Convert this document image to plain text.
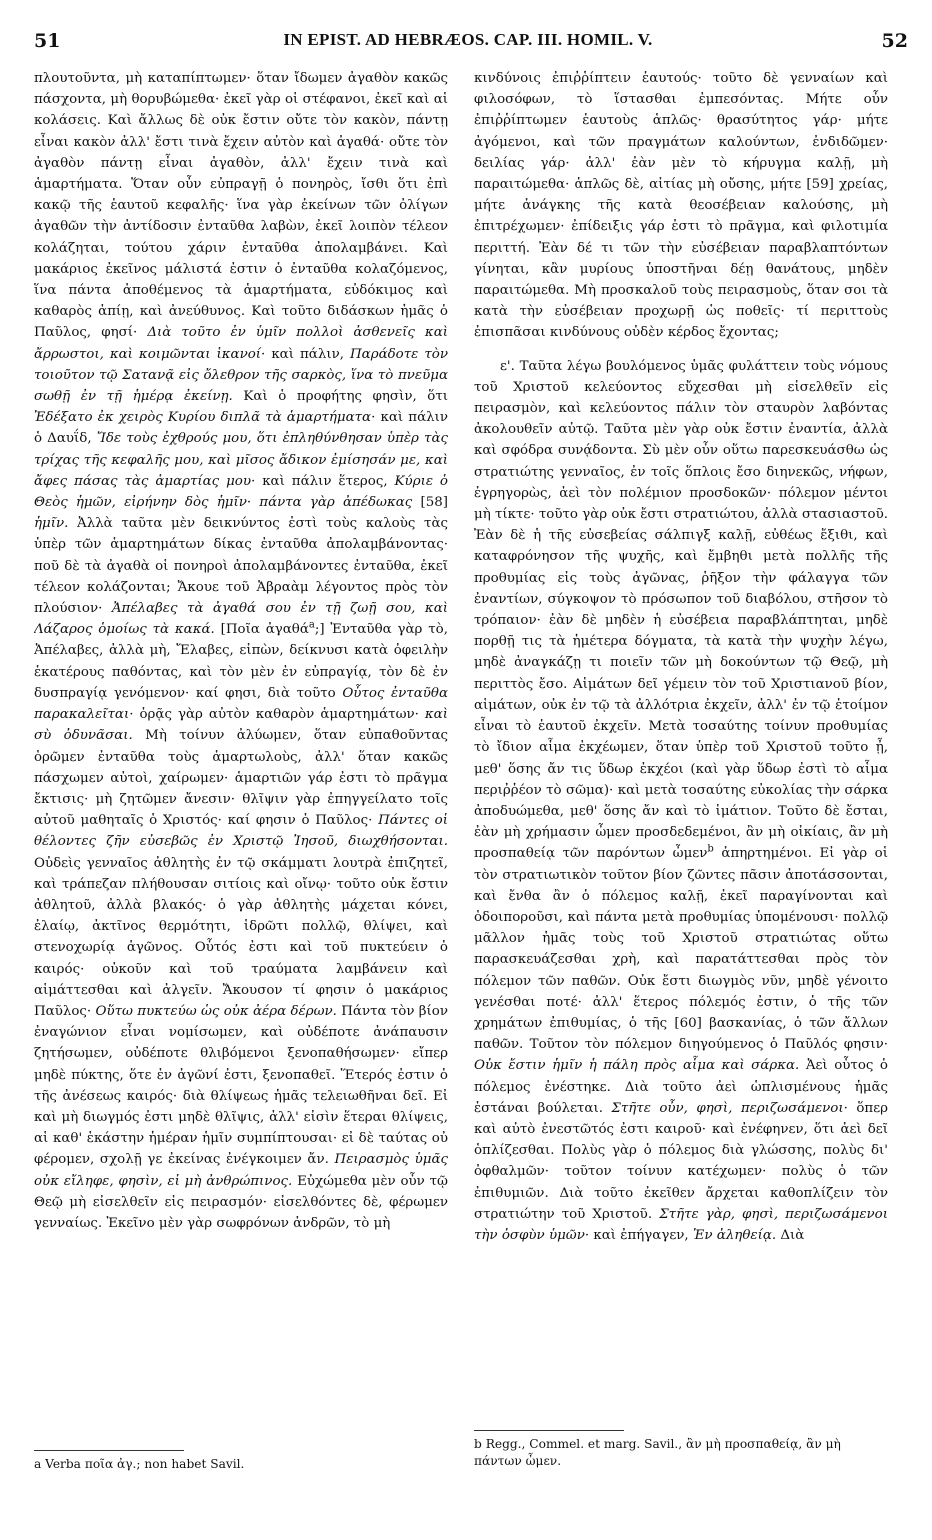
51	IN EPIST. AD HEBRÆOS. CAP. III. HOMIL. V.	52

πλουτοῦντα, μὴ καταπίπτωμεν· ὅταν ἴδωμεν ἀγαθὸν κακῶς πάσχοντα, μὴ θορυβώμεθα· ἐκεῖ γὰρ οἱ στέφανοι, ἐκεῖ καὶ αἱ κολάσεις. Καὶ ἄλλως δὲ οὐκ ἔστιν οὔτε τὸν κακὸν, πάντῃ εἶναι κακὸν ἀλλ' ἔστι τινὰ ἔχειν αὐτὸν καὶ ἀγαθά· οὔτε τὸν ἀγαθὸν πάντῃ εἶναι ἀγαθὸν, ἀλλ' ἔχειν τινὰ καὶ ἁμαρτήματα. Ὅταν οὖν εὐπραγῇ ὁ πονηρὸς, ἴσθι ὅτι ἐπὶ κακῷ τῆς ἑαυτοῦ κεφαλῆς· ἵνα γὰρ ἐκείνων τῶν ὀλίγων ἀγαθῶν τὴν ἀντίδοσιν ἐνταῦθα λαβὼν, ἐκεῖ λοιπὸν τέλεον κολάζηται, τούτου χάριν ἐνταῦθα ἀπολαμβάνει. Καὶ μακάριος ἐκεῖνος μάλιστά ἐστιν ὁ ἐνταῦθα κολαζόμενος, ἵνα πάντα ἀποθέμενος τὰ ἁμαρτήματα, εὐδόκιμος καὶ καθαρὸς ἀπίῃ, καὶ ἀνεύθυνος. Καὶ τοῦτο διδάσκων ἡμᾶς ὁ Παῦλος, φησί· Διὰ τοῦτο ἐν ὑμῖν πολλοὶ ἀσθενεῖς καὶ ἄρρωστοι, καὶ κοιμῶνται ἱκανοί· καὶ πάλιν, Παράδοτε τὸν τοιοῦτον τῷ Σατανᾷ εἰς ὄλεθρον τῆς σαρκὸς, ἵνα τὸ πνεῦμα σωθῇ ἐν τῇ ἡμέρᾳ ἐκείνῃ. Καὶ ὁ προφήτης φησὶν, ὅτι Ἐδέξατο ἐκ χειρὸς Κυρίου διπλᾶ τὰ ἁμαρτήματα· καὶ πάλιν ὁ Δαυΐδ, Ἴδε τοὺς ἐχθρούς μου, ὅτι ἐπληθύνθησαν ὑπὲρ τὰς τρίχας τῆς κεφαλῆς μου, καὶ μῖσος ἄδικον ἐμίσησάν με, καὶ ἄφες πάσας τὰς ἁμαρτίας μου· καὶ πάλιν ἕτερος, Κύριε ὁ Θεὸς ἡμῶν, εἰρήνην δὸς ἡμῖν· πάντα γὰρ ἀπέδωκας [58] ἡμῖν. Ἀλλὰ ταῦτα μὲν δεικνύντος ἐστὶ τοὺς καλοὺς τὰς ὑπὲρ τῶν ἁμαρτημάτων δίκας ἐνταῦθα ἀπολαμβάνοντας· ποῦ δὲ τὰ ἀγαθὰ οἱ πονηροὶ ἀπολαμβάνοντες ἐνταῦθα, ἐκεῖ τέλεον κολάζονται; Ἄκουε τοῦ Ἀβραὰμ λέγοντος πρὸς τὸν πλούσιον· Ἀπέλαβες τὰ ἀγαθά σου ἐν τῇ ζωῇ σου, καὶ Λάζαρος ὁμοίως τὰ κακά. [Ποῖα ἀγαθά$^a$;] Ἐνταῦθα γὰρ τὸ, Ἀπέλαβες, ἀλλὰ μὴ, Ἔλαβες, εἰπὼν, δείκνυσι κατὰ ὀφειλὴν ἑκατέρους παθόντας, καὶ τὸν μὲν ἐν εὐπραγίᾳ, τὸν δὲ ἐν δυσπραγίᾳ γενόμενον· καί φησι, διὰ τοῦτο Οὗτος ἐνταῦθα παρακαλεῖται· ὁρᾷς γὰρ αὐτὸν καθαρὸν ἁμαρτημάτων· καὶ σὺ ὀδυνᾶσαι. Μὴ τοίνυν ἀλύωμεν, ὅταν εὐπαθοῦντας ὁρῶμεν ἐνταῦθα τοὺς ἁμαρτωλοὺς, ἀλλ' ὅταν κακῶς πάσχωμεν αὐτοὶ, χαίρωμεν· ἁμαρτιῶν γάρ ἐστι τὸ πρᾶγμα ἔκτισις· μὴ ζητῶμεν ἄνεσιν· θλῖψιν γὰρ ἐπηγγείλατο τοῖς αὐτοῦ μαθηταῖς ὁ Χριστός· καί φησιν ὁ Παῦλος· Πάντες οἱ θέλοντες ζῆν εὐσεβῶς ἐν Χριστῷ Ἰησοῦ, διωχθήσονται. Οὐδεὶς γενναῖος ἀθλητὴς ἐν τῷ σκάμματι λουτρὰ ἐπιζητεῖ, καὶ τράπεζαν πλήθουσαν σιτίοις καὶ οἴνῳ· τοῦτο οὐκ ἔστιν ἀθλητοῦ, ἀλλὰ βλακός· ὁ γὰρ ἀθλητὴς μάχεται κόνει, ἐλαίῳ, ἀκτῖνος θερμότητι, ἱδρῶτι πολλῷ, θλίψει, καὶ στενοχωρίᾳ ἀγῶνος. Οὗτός ἐστι καὶ τοῦ πυκτεύειν ὁ καιρός· οὐκοῦν καὶ τοῦ τραύματα λαμβάνειν καὶ αἱμάττεσθαι καὶ ἀλγεῖν. Ἄκουσον τί φησιν ὁ μακάριος Παῦλος· Οὕτω πυκτεύω ὡς οὐκ ἀέρα δέρων. Πάντα τὸν βίον ἐναγώνιον εἶναι νομίσωμεν, καὶ οὐδέποτε ἀνάπαυσιν ζητήσωμεν, οὐδέποτε θλιβόμενοι ξενοπαθήσωμεν· εἴπερ μηδὲ πύκτης, ὅτε ἐν ἀγῶνί ἐστι, ξενοπαθεῖ. Ἕτερός ἐστιν ὁ τῆς ἀνέσεως καιρός· διὰ θλίψεως ἡμᾶς τελειωθῆναι δεῖ. Εἰ καὶ μὴ διωγμός ἐστι μηδὲ θλῖψις, ἀλλ' εἰσὶν ἕτεραι θλίψεις, αἱ καθ' ἑκάστην ἡμέραν ἡμῖν συμπίπτουσαι· εἰ δὲ ταύτας οὐ φέρομεν, σχολῇ γε ἐκείνας ἐνέγκοιμεν ἄν. Πειρασμὸς ὑμᾶς οὐκ εἴληφε, φησὶν, εἰ μὴ ἀνθρώπινος. Εὐχώμεθα μὲν οὖν τῷ Θεῷ μὴ εἰσελθεῖν εἰς πειρασμόν· εἰσελθόντες δὲ, φέρωμεν γενναίως. Ἐκεῖνο μὲν γὰρ σωφρόνων ἀνδρῶν, τὸ μὴ

κινδύνοις ἐπιῤῥίπτειν ἑαυτούς· τοῦτο δὲ γενναίων καὶ φιλοσόφων, τὸ ἵστασθαι ἐμπεσόντας. Μήτε οὖν ἐπιῤῥίπτωμεν ἑαυτοὺς ἁπλῶς· θρασύτητος γάρ· μήτε ἀγόμενοι, καὶ τῶν πραγμάτων καλούντων, ἐνδιδῶμεν· δειλίας γάρ· ἀλλ' ἐὰν μὲν τὸ κήρυγμα καλῇ, μὴ παραιτώμεθα· ἁπλῶς δὲ, αἰτίας μὴ οὔσης, μήτε [59] χρείας, μήτε ἀνάγκης τῆς κατὰ θεοσέβειαν καλούσης, μὴ ἐπιτρέχωμεν· ἐπίδειξις γάρ ἐστι τὸ πρᾶγμα, καὶ φιλοτιμία περιττή. Ἐὰν δέ τι τῶν τὴν εὐσέβειαν παραβλαπτόντων γίνηται, κἂν μυρίους ὑποστῆναι δέῃ θανάτους, μηδὲν παραιτώμεθα. Μὴ προσκαλοῦ τοὺς πειρασμοὺς, ὅταν σοι τὰ κατὰ τὴν εὐσέβειαν προχωρῇ ὡς ποθεῖς· τί περιττοὺς ἐπισπᾶσαι κινδύνους οὐδὲν κέρδος ἔχοντας;

ε'. Ταῦτα λέγω βουλόμενος ὑμᾶς φυλάττειν τοὺς νόμους τοῦ Χριστοῦ κελεύοντος εὔχεσθαι μὴ εἰσελθεῖν εἰς πειρασμὸν, καὶ κελεύοντος πάλιν τὸν σταυρὸν λαβόντας ἀκολουθεῖν αὐτῷ. Ταῦτα μὲν γὰρ οὐκ ἔστιν ἐναντία, ἀλλὰ καὶ σφόδρα συνᾴδοντα. Σὺ μὲν οὖν οὕτω παρεσκευάσθω ὡς στρατιώτης γενναῖος, ἐν τοῖς ὅπλοις ἔσο διηνεκῶς, νήφων, ἐγρηγορὼς, ἀεὶ τὸν πολέμιον προσδοκῶν· πόλεμον μέντοι μὴ τίκτε· τοῦτο γὰρ οὐκ ἔστι στρατιώτου, ἀλλὰ στασιαστοῦ. Ἐὰν δὲ ἡ τῆς εὐσεβείας σάλπιγξ καλῇ, εὐθέως ἔξιθι, καὶ καταφρόνησον τῆς ψυχῆς, καὶ ἔμβηθι μετὰ πολλῆς τῆς προθυμίας εἰς τοὺς ἀγῶνας, ῥῆξον τὴν φάλαγγα τῶν ἐναντίων, σύγκοψον τὸ πρόσωπον τοῦ διαβόλου, στῆσον τὸ τρόπαιον· ἐὰν δὲ μηδὲν ἡ εὐσέβεια παραβλάπτηται, μηδὲ πορθῇ τις τὰ ἡμέτερα δόγματα, τὰ κατὰ τὴν ψυχὴν λέγω, μηδὲ ἀναγκάζῃ τι ποιεῖν τῶν μὴ δοκούντων τῷ Θεῷ, μὴ περιττὸς ἔσο. Αἱμάτων δεῖ γέμειν τὸν τοῦ Χριστιανοῦ βίον, αἱμάτων, οὐκ ἐν τῷ τὰ ἀλλότρια ἐκχεῖν, ἀλλ' ἐν τῷ ἑτοίμον εἶναι τὸ ἑαυτοῦ ἐκχεῖν. Μετὰ τοσαύτης τοίνυν προθυμίας τὸ ἴδιον αἷμα ἐκχέωμεν, ὅταν ὑπὲρ τοῦ Χριστοῦ τοῦτο ᾖ, μεθ' ὅσης ἄν τις ὕδωρ ἐκχέοι (καὶ γὰρ ὕδωρ ἐστὶ τὸ αἷμα περιῤῥέον τὸ σῶμα)· καὶ μετὰ τοσαύτης εὐκολίας τὴν σάρκα ἀποδυώμεθα, μεθ' ὅσης ἄν καὶ τὸ ἱμάτιον. Τοῦτο δὲ ἔσται, ἐὰν μὴ χρήμασιν ὦμεν προσδεδεμένοι, ἂν μὴ οἰκίαις, ἂν μὴ προσπαθείᾳ τῶν παρόντων ὦμεν$^b$ ἀπηρτημένοι. Εἰ γὰρ οἱ τὸν στρατιωτικὸν τοῦτον βίον ζῶντες πᾶσιν ἀποτάσσονται, καὶ ἔνθα ἂν ὁ πόλεμος καλῇ, ἐκεῖ παραγίνονται καὶ ὁδοιποροῦσι, καὶ πάντα μετὰ προθυμίας ὑπομένουσι· πολλῷ μᾶλλον ἡμᾶς τοὺς τοῦ Χριστοῦ στρατιώτας οὕτω παρασκευάζεσθαι χρὴ, καὶ παρατάττεσθαι πρὸς τὸν πόλεμον τῶν παθῶν. Οὐκ ἔστι διωγμὸς νῦν, μηδὲ γένοιτο γενέσθαι ποτέ· ἀλλ' ἕτερος πόλεμός ἐστιν, ὁ τῆς τῶν χρημάτων ἐπιθυμίας, ὁ τῆς [60] βασκανίας, ὁ τῶν ἄλλων παθῶν. Τοῦτον τὸν πόλεμον διηγούμενος ὁ Παῦλός φησιν· Οὐκ ἔστιν ἡμῖν ἡ πάλη πρὸς αἷμα καὶ σάρκα. Ἀεὶ οὗτος ὁ πόλεμος ἐνέστηκε. Διὰ τοῦτο ἀεὶ ὡπλισμένους ἡμᾶς ἑστάναι βούλεται. Στῆτε οὖν, φησὶ, περιζωσάμενοι· ὅπερ καὶ αὐτὸ ἐνεστῶτός ἐστι καιροῦ· καὶ ἐνέφηνεν, ὅτι ἀεὶ δεῖ ὁπλίζεσθαι. Πολὺς γὰρ ὁ πόλεμος διὰ γλώσσης, πολὺς δι' ὀφθαλμῶν· τοῦτον τοίνυν κατέχωμεν· πολὺς ὁ τῶν ἐπιθυμιῶν. Διὰ τοῦτο ἐκεῖθεν ἄρχεται καθοπλίζειν τὸν στρατιώτην τοῦ Χριστοῦ. Στῆτε γὰρ, φησὶ, περιζωσάμενοι τὴν ὀσφὺν ὑμῶν· καὶ ἐπήγαγεν, Ἐν ἀληθείᾳ. Διὰ

a Verba ποῖα ἀγ.; non habet Savil.
b Regg., Commel. et marg. Savil., ἂν μὴ προσπαθείᾳ, ἂν μὴ πάντων ὦμεν.
